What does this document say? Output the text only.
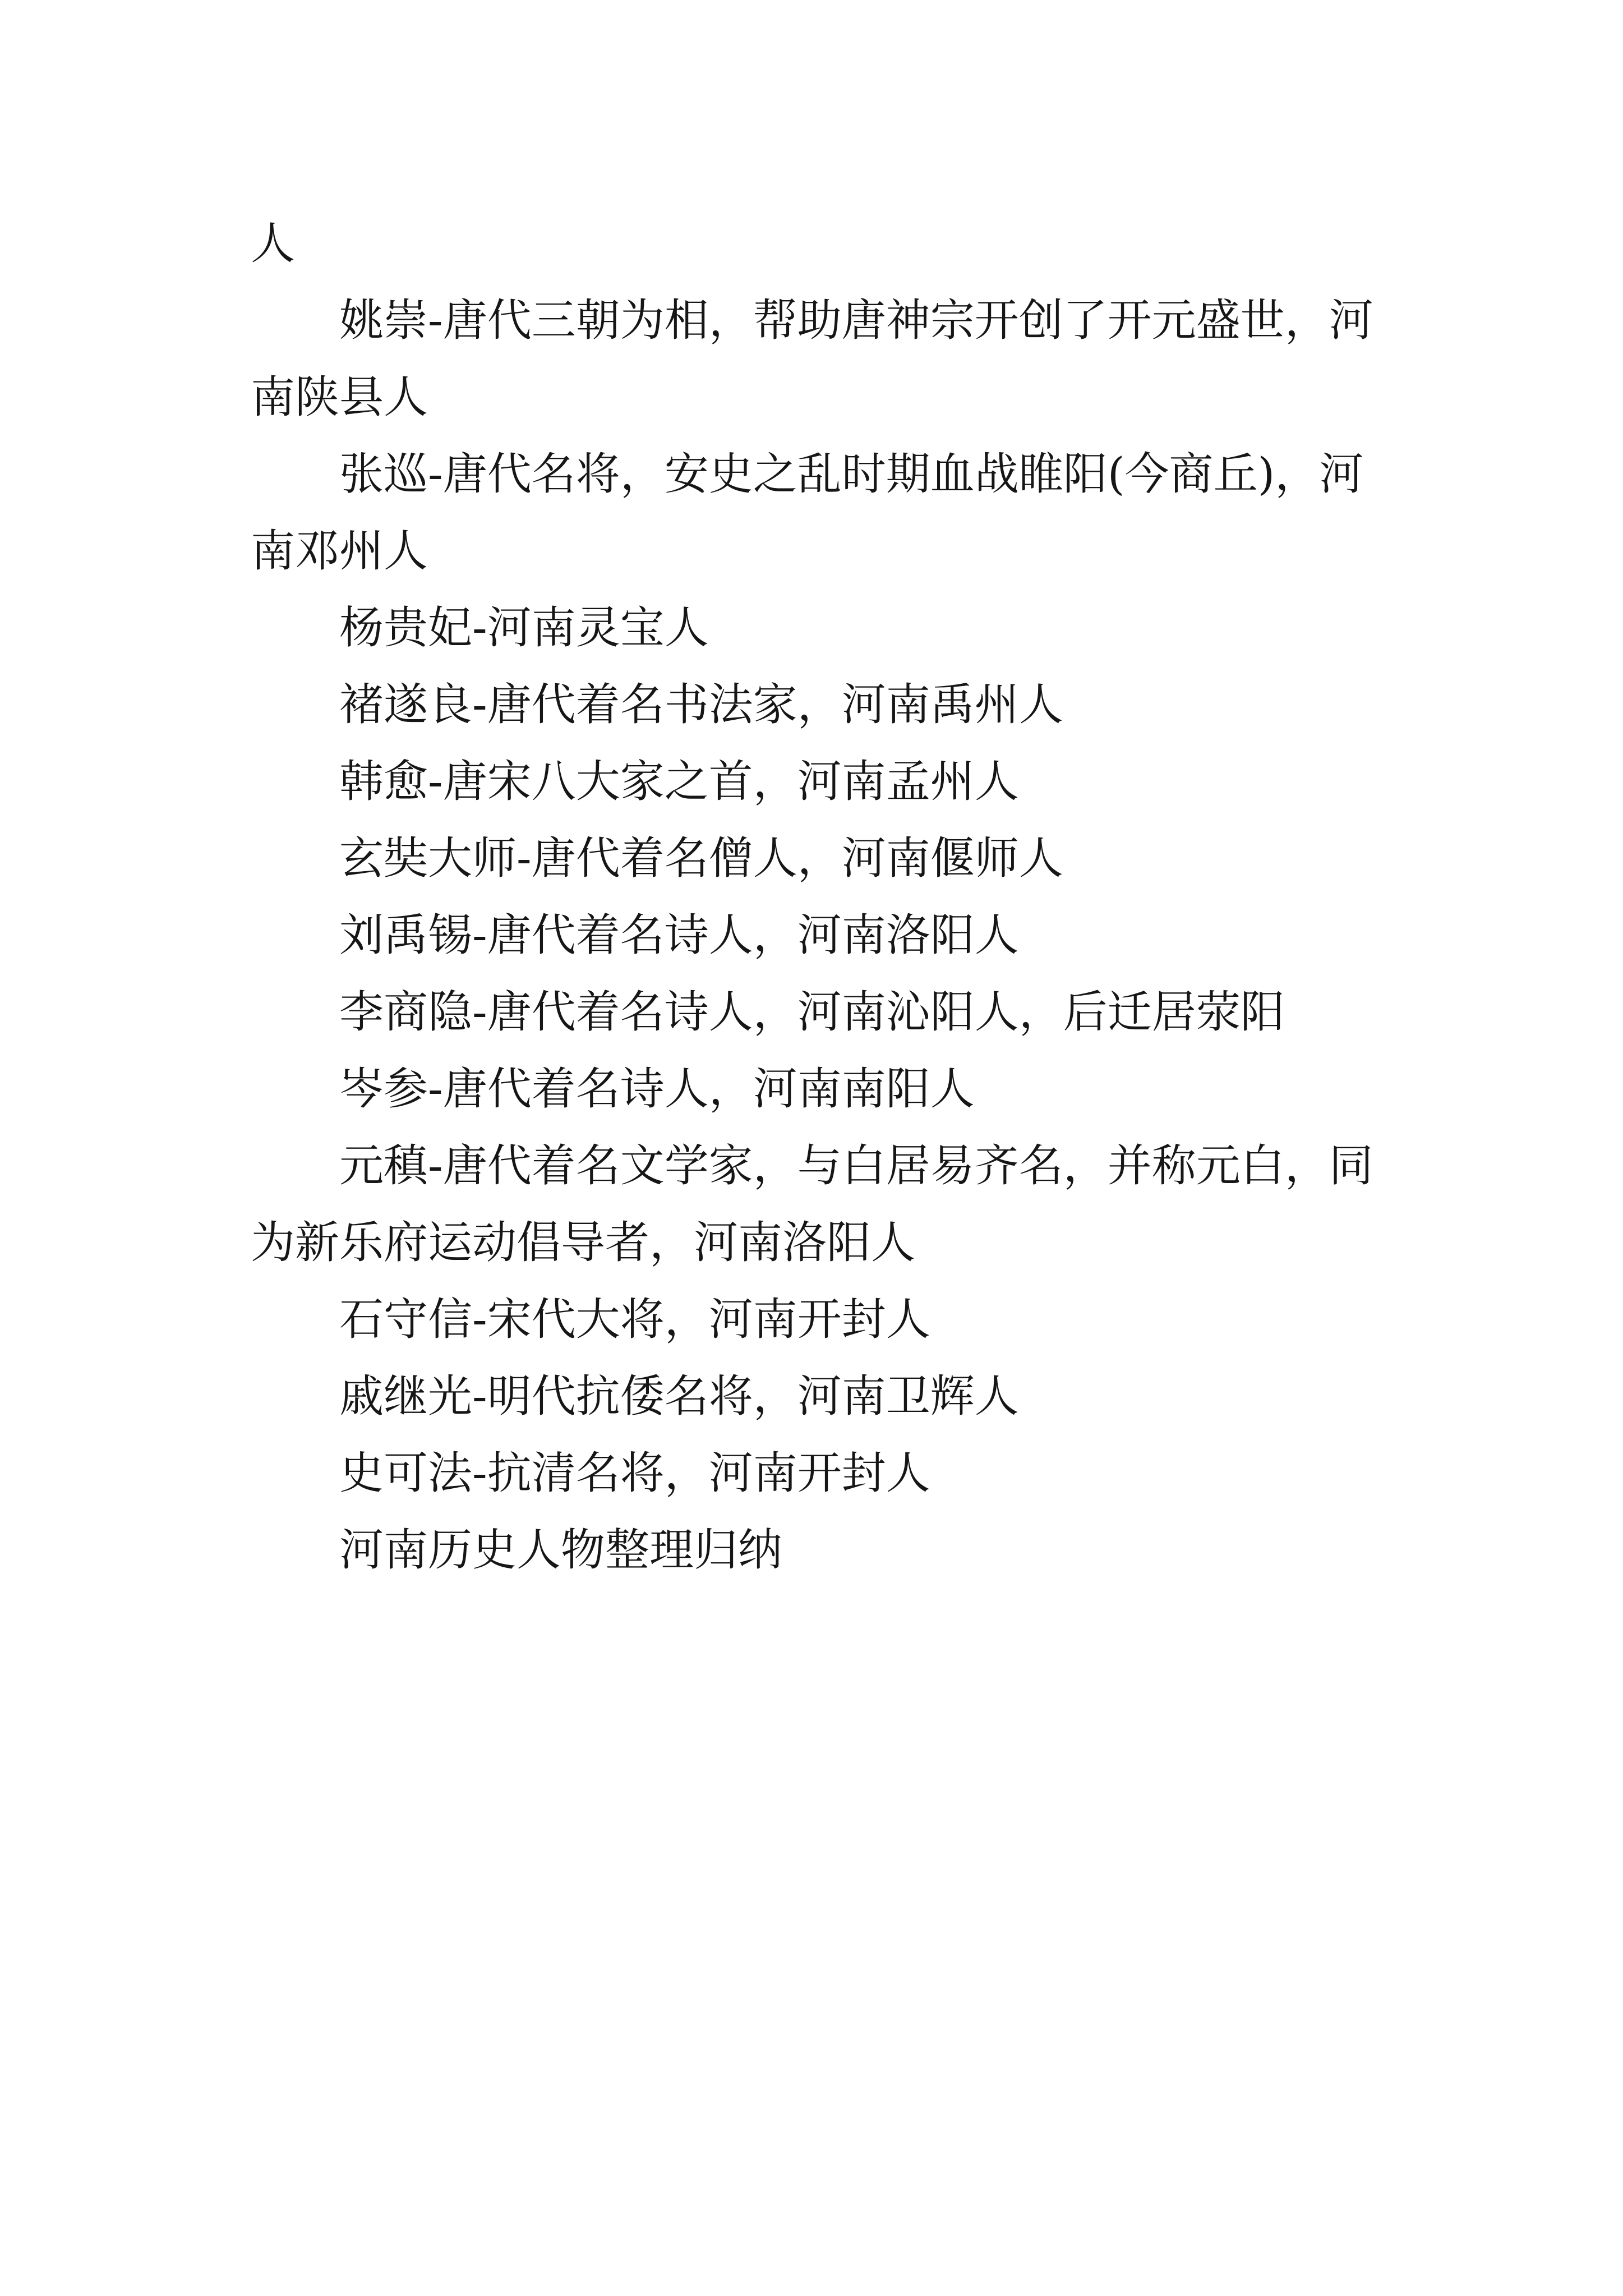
人

姚崇-唐代三朝为相，帮助唐神宗开创了开元盛世，河
南陕县人

张巡-唐代名将，安史之乱时期血战睢阳(今商丘)，河
南邓州人

杨贵妃-河南灵宝人

褚遂良-唐代着名书法家，河南禹州人

韩愈-唐宋八大家之首，河南孟州人

玄奘大师-唐代着名僧人，河南偃师人

刘禹锡-唐代着名诗人，河南洛阳人

李商隐-唐代着名诗人，河南沁阳人，后迁居荥阳

岑参-唐代着名诗人，河南南阳人

元稹-唐代着名文学家，与白居易齐名，并称元白，同
为新乐府运动倡导者，河南洛阳人

石守信-宋代大将，河南开封人

戚继光-明代抗倭名将，河南卫辉人

史可法-抗清名将，河南开封人

河南历史人物整理归纳
